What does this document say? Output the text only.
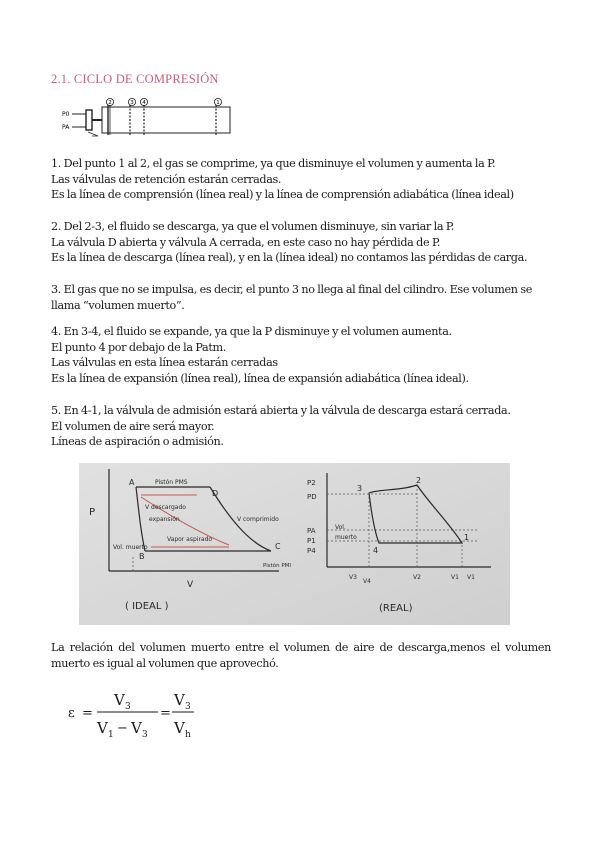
2.1. CICLO DE COMPRESIÓN
P0
PA
2	3 4	1
1. Del punto 1 al 2, el gas se comprime, ya que disminuye el volumen y aumenta la P.
Las válvulas de retención estarán cerradas.
Es la línea de comprensión (línea real) y la línea de comprensión adiabática (línea ideal)
2. Del 2-3, el fluido se descarga, ya que el volumen disminuye, sin variar la P.
La válvula D abierta y válvula A cerrada, en este caso no hay pérdida de P.
Es la línea de descarga (línea real), y en la (línea ideal) no contamos las pérdidas de carga.
3. El gas que no se impulsa, es decir, el punto 3 no llega al final del cilindro. Ese volumen se
llama “volumen muerto”.
4. En 3-4, el fluido se expande, ya que la P disminuye y el volumen aumenta.
El punto 4 por debajo de la Patm.
Las válvulas en esta línea estarán cerradas
Es la línea de expansión (línea real), línea de expansión adiabática (línea ideal).
5. En 4-1, la válvula de admisión estará abierta y la válvula de descarga estará cerrada.
El volumen de aire será mayor.
Líneas de aspiración o admisión.
P
V
A
B
C
D
Pistón PMS
V descargado
expansión
Vapor aspirado
V comprimido
Vol. muerto
Pistón PMI
( IDEAL )
P2
PD
PA
P1
P4
3
2
4
1
Vol.
muerto
V3
V4
V2	V1 V1
(REAL)
La relación del volumen muerto entre el volumen de aire de descarga,menos el volumen
muerto es igual al volumen que aprovechó.
ε =
V 3
V 1 − V 3
=
V 3
V h
